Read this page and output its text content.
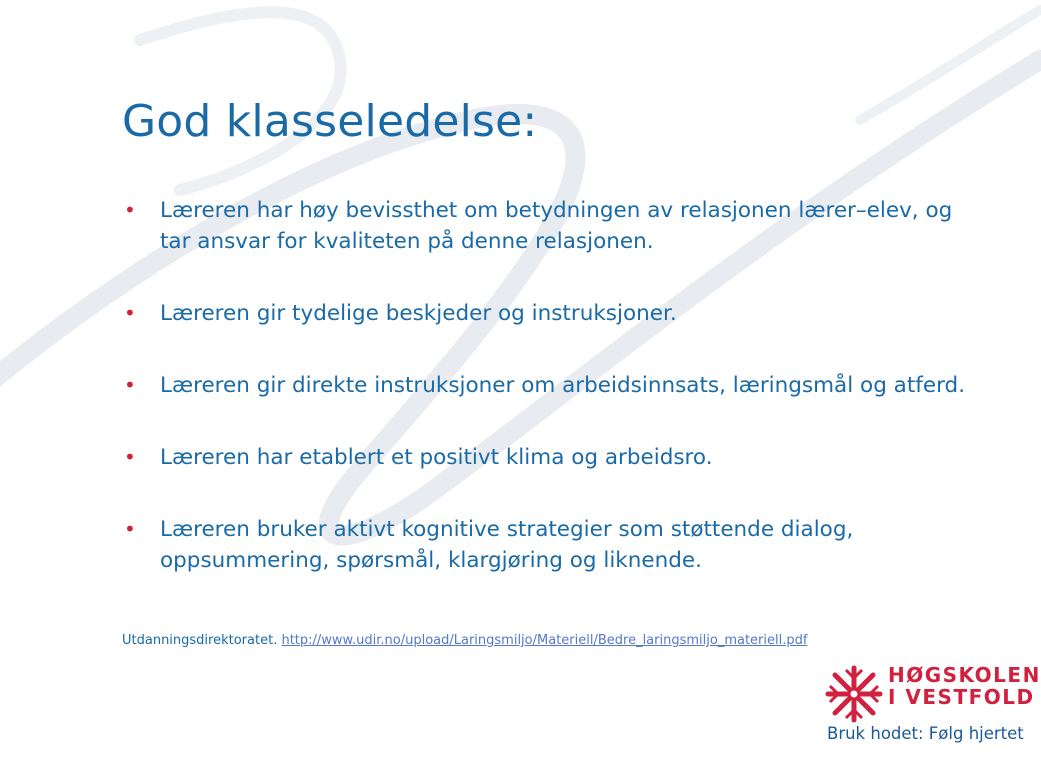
God klasseledelse:
• Læreren har høy bevissthet om betydningen av relasjonen lærer–elev, og tar ansvar for kvaliteten på denne relasjonen.
• Læreren gir tydelige beskjeder og instruksjoner.
• Læreren gir direkte instruksjoner om arbeidsinnsats, læringsmål og atferd.
• Læreren har etablert et positivt klima og arbeidsro.
• Læreren bruker aktivt kognitive strategier som støttende dialog, oppsummering, spørsmål, klargjøring og liknende.
Utdanningsdirektoratet. http://www.udir.no/upload/Laringsmiljo/Materiell/Bedre_laringsmiljo_materiell.pdf
HØGSKOLEN
I VESTFOLD
Bruk hodet: Følg hjertet
